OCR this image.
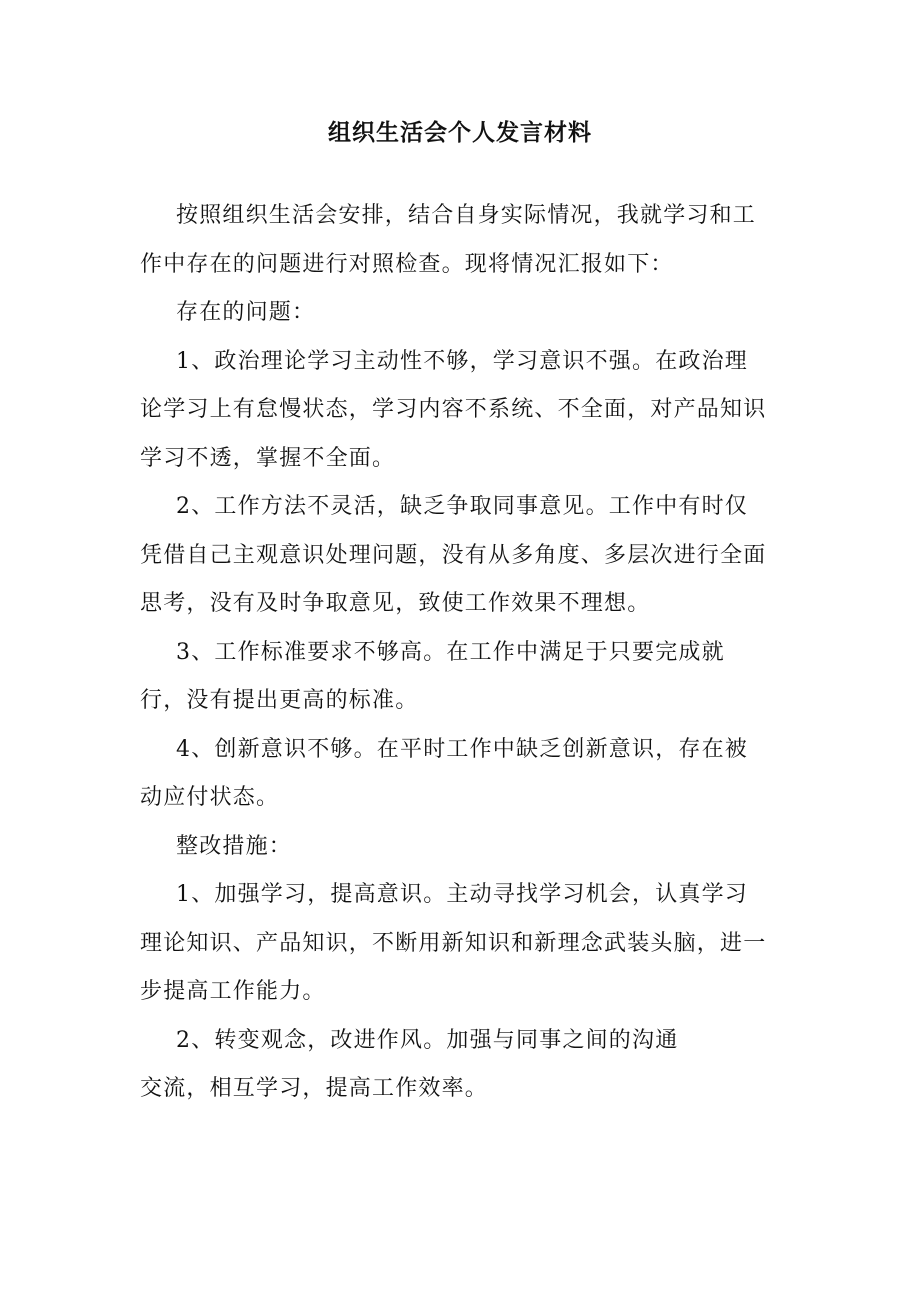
组织生活会个人发言材料

按照组织生活会安排，结合自身实际情况，我就学习和工作中存在的问题进行对照检查。现将情况汇报如下：

存在的问题：

1、政治理论学习主动性不够，学习意识不强。在政治理论学习上有怠慢状态，学习内容不系统、不全面，对产品知识学习不透，掌握不全面。

2、工作方法不灵活，缺乏争取同事意见。工作中有时仅凭借自己主观意识处理问题，没有从多角度、多层次进行全面思考，没有及时争取意见，致使工作效果不理想。

3、工作标准要求不够高。在工作中满足于只要完成就行，没有提出更高的标准。

4、创新意识不够。在平时工作中缺乏创新意识，存在被动应付状态。

整改措施：

1、加强学习，提高意识。主动寻找学习机会，认真学习理论知识、产品知识，不断用新知识和新理念武装头脑，进一步提高工作能力。

2、转变观念，改进作风。加强与同事之间的沟通交流，相互学习，提高工作效率。
